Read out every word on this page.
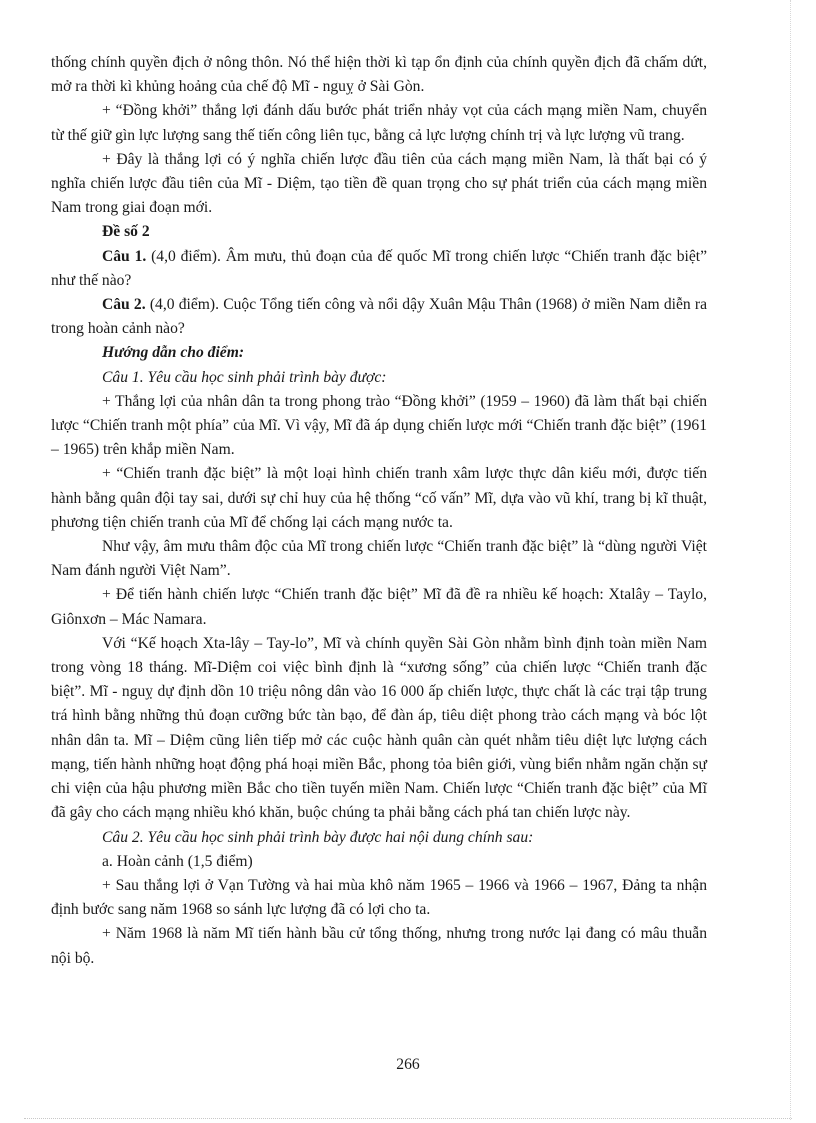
thống chính quyền địch ở nông thôn. Nó thể hiện thời kì tạp ổn định của chính quyền địch đã chấm dứt, mở ra thời kì khủng hoảng của chế độ Mĩ - nguỵ ở Sài Gòn.

+ “Đồng khởi” thắng lợi đánh dấu bước phát triển nhảy vọt của cách mạng miền Nam, chuyển từ thế giữ gìn lực lượng sang thế tiến công liên tục, bằng cả lực lượng chính trị và lực lượng vũ trang.

+ Đây là thắng lợi có ý nghĩa chiến lược đầu tiên của cách mạng miền Nam, là thất bại có ý nghĩa chiến lược đầu tiên của Mĩ - Diệm, tạo tiền đề quan trọng cho sự phát triển của cách mạng miền Nam trong giai đoạn mới.

Đề số 2

Câu 1. (4,0 điểm). Âm mưu, thủ đoạn của đế quốc Mĩ trong chiến lược “Chiến tranh đặc biệt” như thế nào?

Câu 2. (4,0 điểm). Cuộc Tổng tiến công và nổi dậy Xuân Mậu Thân (1968) ở miền Nam diễn ra trong hoàn cảnh nào?

Hướng dẫn cho điểm:

Câu 1. Yêu cầu học sinh phải trình bày được:

+ Thắng lợi của nhân dân ta trong phong trào “Đồng khởi” (1959 – 1960) đã làm thất bại chiến lược “Chiến tranh một phía” của Mĩ. Vì vậy, Mĩ đã áp dụng chiến lược mới “Chiến tranh đặc biệt” (1961 – 1965) trên khắp miền Nam.

+ “Chiến tranh đặc biệt” là một loại hình chiến tranh xâm lược thực dân kiểu mới, được tiến hành bằng quân đội tay sai, dưới sự chỉ huy của hệ thống “cố vấn” Mĩ, dựa vào vũ khí, trang bị kĩ thuật, phương tiện chiến tranh của Mĩ để chống lại cách mạng nước ta.

Như vậy, âm mưu thâm độc của Mĩ trong chiến lược “Chiến tranh đặc biệt” là “dùng người Việt Nam đánh người Việt Nam”.

+ Để tiến hành chiến lược “Chiến tranh đặc biệt” Mĩ đã đề ra nhiều kế hoạch: Xtalây – Taylo, Giônxơn – Mác Namara.

Với “Kế hoạch Xta-lây – Tay-lo”, Mĩ và chính quyền Sài Gòn nhằm bình định toàn miền Nam trong vòng 18 tháng. Mĩ-Diệm coi việc bình định là “xương sống” của chiến lược “Chiến tranh đặc biệt”. Mĩ - nguỵ dự định dồn 10 triệu nông dân vào 16 000 ấp chiến lược, thực chất là các trại tập trung trá hình bằng những thủ đoạn cưỡng bức tàn bạo, để đàn áp, tiêu diệt phong trào cách mạng và bóc lột nhân dân ta. Mĩ – Diệm cũng liên tiếp mở các cuộc hành quân càn quét nhằm tiêu diệt lực lượng cách mạng, tiến hành những hoạt động phá hoại miền Bắc, phong tỏa biên giới, vùng biển nhằm ngăn chặn sự chi viện của hậu phương miền Bắc cho tiền tuyến miền Nam. Chiến lược “Chiến tranh đặc biệt” của Mĩ đã gây cho cách mạng nhiều khó khăn, buộc chúng ta phải bằng cách phá tan chiến lược này.

Câu 2. Yêu cầu học sinh phải trình bày được hai nội dung chính sau:

a. Hoàn cảnh (1,5 điểm)

+ Sau thắng lợi ở Vạn Tường và hai mùa khô năm 1965 – 1966 và 1966 – 1967, Đảng ta nhận định bước sang năm 1968 so sánh lực lượng đã có lợi cho ta.

+ Năm 1968 là năm Mĩ tiến hành bầu cử tổng thống, nhưng trong nước lại đang có mâu thuẫn nội bộ.

266
